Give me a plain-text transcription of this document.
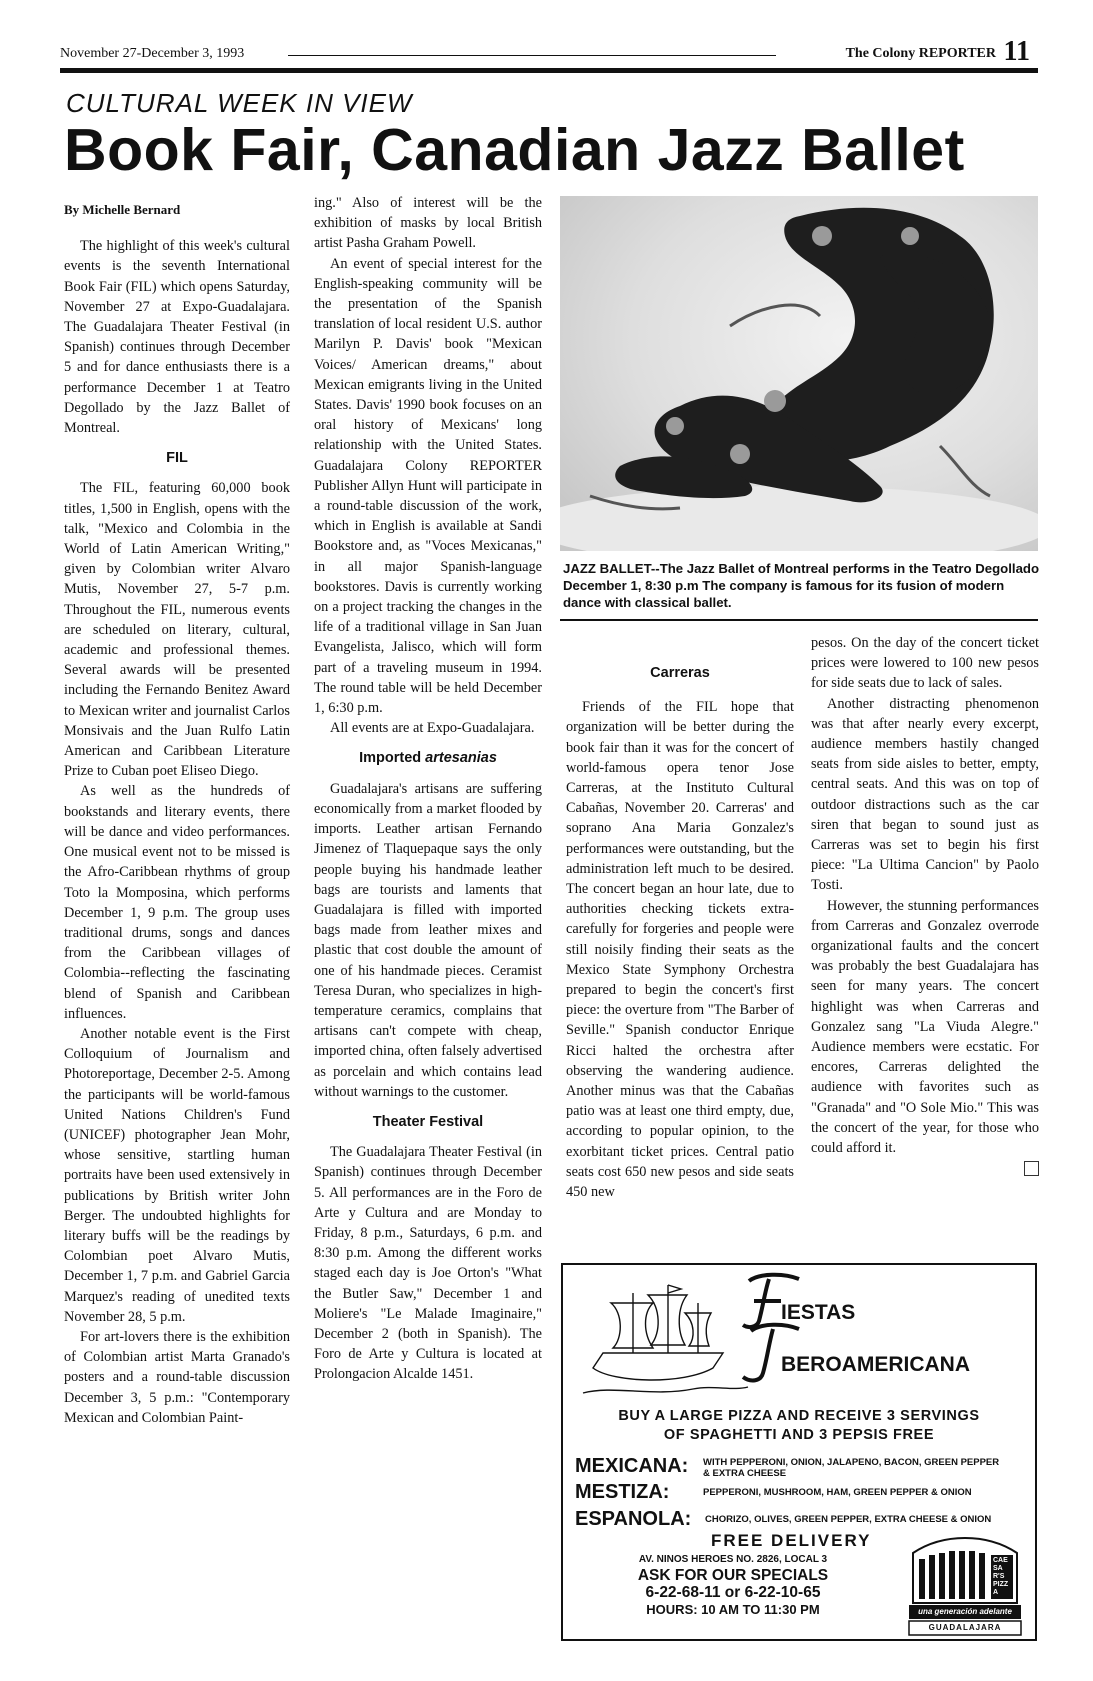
November 27-December 3, 1993	The Colony REPORTER 11
CULTURAL WEEK IN VIEW
Book Fair, Canadian Jazz Ballet

By Michelle Bernard

The highlight of this week's cultural events is the seventh International Book Fair (FIL) which opens Saturday, November 27 at Expo-Guadalajara. The Guadalajara Theater Festival (in Spanish) continues through December 5 and for dance enthusiasts there is a performance December 1 at Teatro Degollado by the Jazz Ballet of Montreal.

FIL

The FIL, featuring 60,000 book titles, 1,500 in English, opens with the talk, "Mexico and Colombia in the World of Latin American Writing," given by Colombian writer Alvaro Mutis, November 27, 5-7 p.m. Throughout the FIL, numerous events are scheduled on literary, cultural, academic and professional themes. Several awards will be presented including the Fernando Benitez Award to Mexican writer and journalist Carlos Monsivais and the Juan Rulfo Latin American and Caribbean Literature Prize to Cuban poet Eliseo Diego.

As well as the hundreds of bookstands and literary events, there will be dance and video performances. One musical event not to be missed is the Afro-Caribbean rhythms of group Toto la Momposina, which performs December 1, 9 p.m. The group uses traditional drums, songs and dances from the Caribbean villages of Colombia--reflecting the fascinating blend of Spanish and Caribbean influences.

Another notable event is the First Colloquium of Journalism and Photoreportage, December 2-5. Among the participants will be world-famous United Nations Children's Fund (UNICEF) photographer Jean Mohr, whose sensitive, startling human portraits have been used extensively in publications by British writer John Berger. The undoubted highlights for literary buffs will be the readings by Colombian poet Alvaro Mutis, December 1, 7 p.m. and Gabriel Garcia Marquez's reading of unedited texts November 28, 5 p.m.

For art-lovers there is the exhibition of Colombian artist Marta Granado's posters and a round-table discussion December 3, 5 p.m.: "Contemporary Mexican and Colombian Paint-

ing." Also of interest will be the exhibition of masks by local British artist Pasha Graham Powell.

An event of special interest for the English-speaking community will be the presentation of the Spanish translation of local resident U.S. author Marilyn P. Davis' book "Mexican Voices/ American dreams," about Mexican emigrants living in the United States. Davis' 1990 book focuses on an oral history of Mexicans' long relationship with the United States. Guadalajara Colony REPORTER Publisher Allyn Hunt will participate in a round-table discussion of the work, which in English is available at Sandi Bookstore and, as "Voces Mexicanas," in all major Spanish-language bookstores. Davis is currently working on a project tracking the changes in the life of a traditional village in San Juan Evangelista, Jalisco, which will form part of a traveling museum in 1994. The round table will be held December 1, 6:30 p.m.

All events are at Expo-Guadalajara.

Imported artesanias

Guadalajara's artisans are suffering economically from a market flooded by imports. Leather artisan Fernando Jimenez of Tlaquepaque says the only people buying his handmade leather bags are tourists and laments that Guadalajara is filled with imported bags made from leather mixes and plastic that cost double the amount of one of his handmade pieces. Ceramist Teresa Duran, who specializes in high-temperature ceramics, complains that artisans can't compete with cheap, imported china, often falsely advertised as porcelain and which contains lead without warnings to the customer.

Theater Festival

The Guadalajara Theater Festival (in Spanish) continues through December 5. All performances are in the Foro de Arte y Cultura and are Monday to Friday, 8 p.m., Saturdays, 6 p.m. and 8:30 p.m. Among the different works staged each day is Joe Orton's "What the Butler Saw," December 1 and Moliere's "Le Malade Imaginaire," December 2 (both in Spanish). The Foro de Arte y Cultura is located at Prolongacion Alcalde 1451.

JAZZ BALLET--The Jazz Ballet of Montreal performs in the Teatro Degollado December 1, 8:30 p.m The company is famous for its fusion of modern dance with classical ballet.
Carreras

Friends of the FIL hope that organization will be better during the book fair than it was for the concert of world-famous opera tenor Jose Carreras, at the Instituto Cultural Cabañas, November 20. Carreras' and soprano Ana Maria Gonzalez's performances were outstanding, but the administration left much to be desired. The concert began an hour late, due to authorities checking tickets extra-carefully for forgeries and people were still noisily finding their seats as the Mexico State Symphony Orchestra prepared to begin the concert's first piece: the overture from "The Barber of Seville." Spanish conductor Enrique Ricci halted the orchestra after observing the wandering audience. Another minus was that the Cabañas patio was at least one third empty, due, according to popular opinion, to the exorbitant ticket prices. Central patio seats cost 650 new pesos and side seats 450 new

pesos. On the day of the concert ticket prices were lowered to 100 new pesos for side seats due to lack of sales.

Another distracting phenomenon was that after nearly every excerpt, audience members hastily changed seats from side aisles to better, empty, central seats. And this was on top of outdoor distractions such as the car siren that began to sound just as Carreras was set to begin his first piece: "La Ultima Cancion" by Paolo Tosti.

However, the stunning performances from Carreras and Gonzalez overrode organizational faults and the concert was probably the best Guadalajara has seen for many years. The concert highlight was when Carreras and Gonzalez sang "La Viuda Alegre." Audience members were ecstatic. For encores, Carreras delighted the audience with favorites such as "Granada" and "O Sole Mio." This was the concert of the year, for those who could afford it.

IESTAS
BEROAMERICANA
BUY A LARGE PIZZA AND RECEIVE 3 SERVINGS
OF SPAGHETTI AND 3 PEPSIS FREE
MEXICANA: WITH PEPPERONI, ONION, JALAPENO, BACON, GREEN PEPPER & EXTRA CHEESE
MESTIZA:	PEPPERONI, MUSHROOM, HAM, GREEN PEPPER & ONION
ESPANOLA: CHORIZO, OLIVES, GREEN PEPPER, EXTRA CHEESE & ONION
FREE DELIVERY
AV. NINOS HEROES NO. 2826, LOCAL 3
ASK FOR OUR SPECIALS
6-22-68-11 or 6-22-10-65
HOURS: 10 AM TO 11:30 PM
CAESAR'S PIZZA
una generación adelante
GUADALAJARA
